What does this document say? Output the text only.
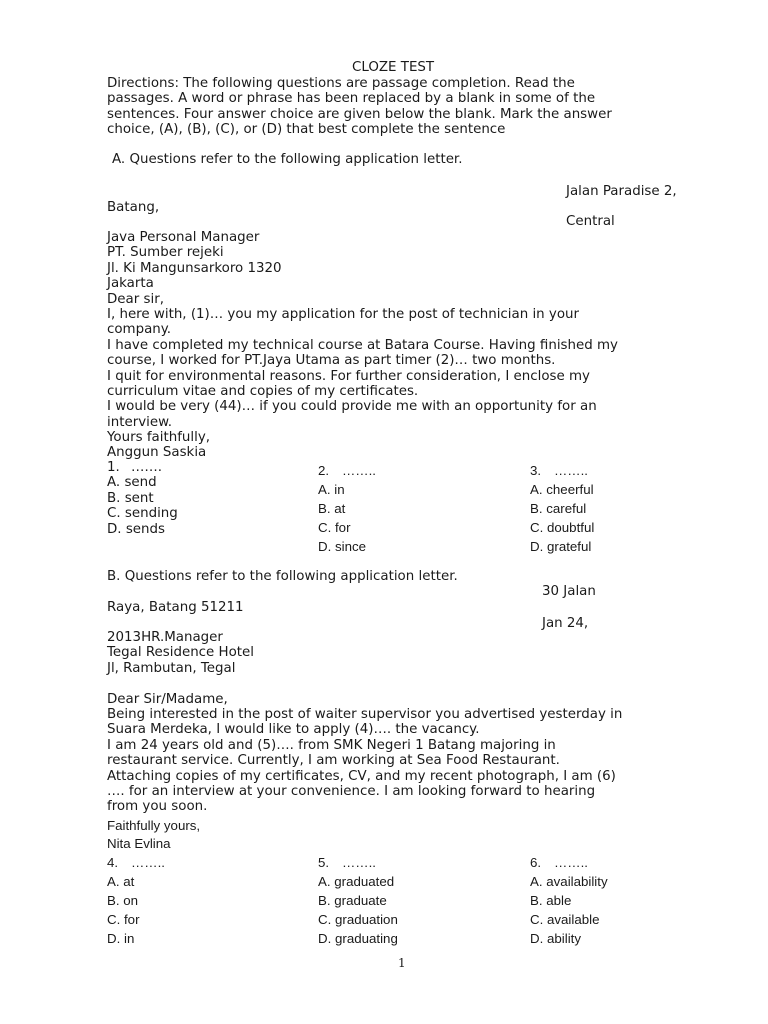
CLOZE TEST
Directions: The following questions are passage completion. Read the
passages. A word or phrase has been replaced by a blank in some of the
sentences. Four answer choice are given below the blank. Mark the answer
choice, (A), (B), (C), or (D) that best complete the sentence
A. Questions refer to the following application letter.
Jalan Paradise 2,
Batang,
Central
Java Personal Manager
PT. Sumber rejeki
Jl. Ki Mangunsarkoro 1320
Jakarta
Dear sir,
I, here with, (1)… you my application for the post of technician in your
company.
I have completed my technical course at Batara Course. Having finished my
course, I worked for PT.Jaya Utama as part timer (2)… two months.
I quit for environmental reasons. For further consideration, I enclose my
curriculum vitae and copies of my certificates.
I would be very (44)… if you could provide me with an opportunity for an
interview.
Yours faithfully,
Anggun Saskia
1. …….
A. send
B. sent
C. sending
D. sends
2. ……..
A. in
B. at
C. for
D. since
3. ……..
A. cheerful
B. careful
C. doubtful
D. grateful
B. Questions refer to the following application letter.
30 Jalan
Raya, Batang 51211
Jan 24,
2013HR.Manager
Tegal Residence Hotel
Jl, Rambutan, Tegal
Dear Sir/Madame,
Being interested in the post of waiter supervisor you advertised yesterday in
Suara Merdeka, I would like to apply (4)…. the vacancy.
I am 24 years old and (5)…. from SMK Negeri 1 Batang majoring in
restaurant service. Currently, I am working at Sea Food Restaurant.
Attaching copies of my certificates, CV, and my recent photograph, I am (6)
…. for an interview at your convenience. I am looking forward to hearing
from you soon.
Faithfully yours,
Nita Evlina
4. ……..
A. at
B. on
C. for
D. in
5. ……..
A. graduated
B. graduate
C. graduation
D. graduating
6. ……..
A. availability
B. able
C. available
D. ability
1
